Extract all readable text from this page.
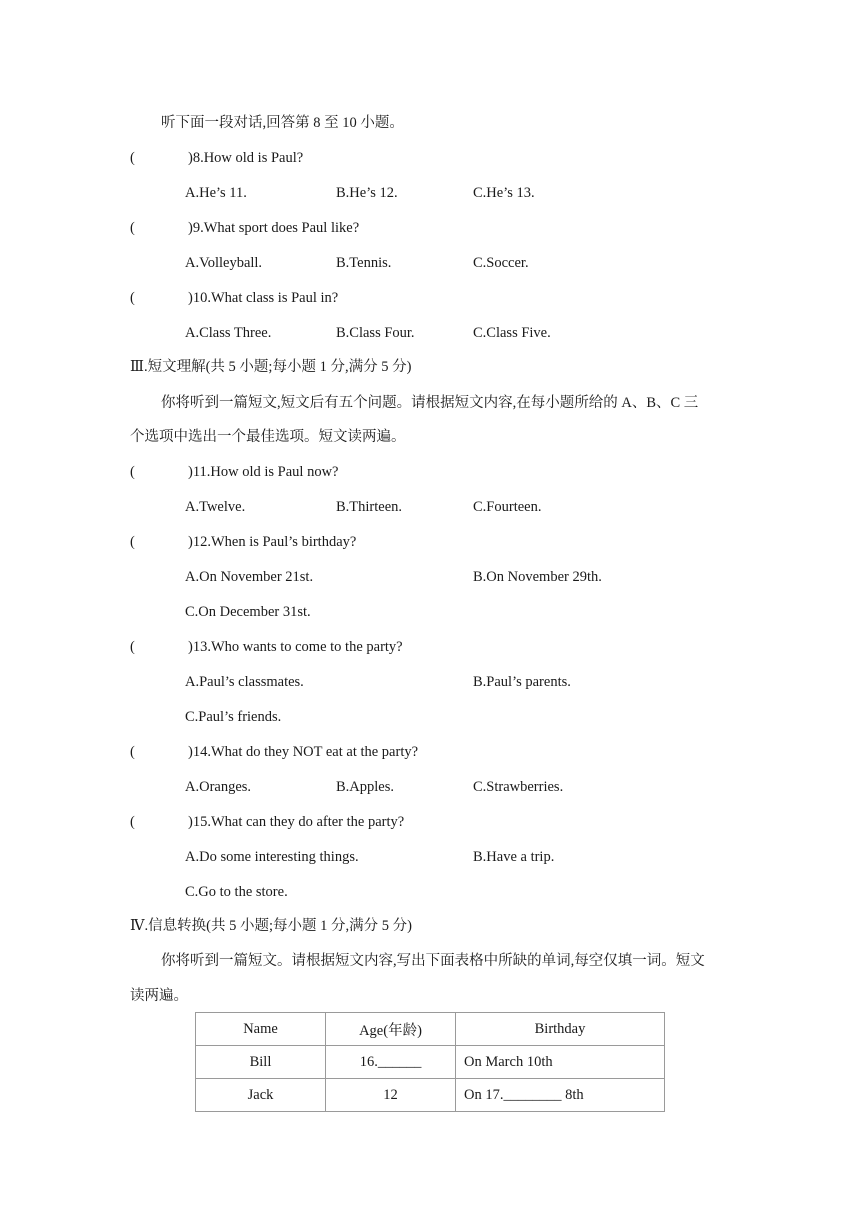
听下面一段对话,回答第 8 至 10 小题。
(	)8.How old is Paul?
A.He’s 11.	B.He’s 12.	C.He’s 13.
(	)9.What sport does Paul like?
A.Volleyball.	B.Tennis.	C.Soccer.
(	)10.What class is Paul in?
A.Class Three.	B.Class Four.	C.Class Five.
Ⅲ.短文理解(共 5 小题;每小题 1 分,满分 5 分)
你将听到一篇短文,短文后有五个问题。请根据短文内容,在每小题所给的 A、B、C 三
个选项中选出一个最佳选项。短文读两遍。
(	)11.How old is Paul now?
A.Twelve.	B.Thirteen.	C.Fourteen.
(	)12.When is Paul’s birthday?
A.On November 21st.	B.On November 29th.
C.On December 31st.
(	)13.Who wants to come to the party?
A.Paul’s classmates.	B.Paul’s parents.
C.Paul’s friends.
(	)14.What do they NOT eat at the party?
A.Oranges.	B.Apples.	C.Strawberries.
(	)15.What can they do after the party?
A.Do some interesting things.	B.Have a trip.
C.Go to the store.
Ⅳ.信息转换(共 5 小题;每小题 1 分,满分 5 分)
你将听到一篇短文。请根据短文内容,写出下面表格中所缺的单词,每空仅填一词。短文
读两遍。
Name	Age(年龄)	Birthday
Bill	16.______	On March 10th
Jack	12	On 17.________ 8th
